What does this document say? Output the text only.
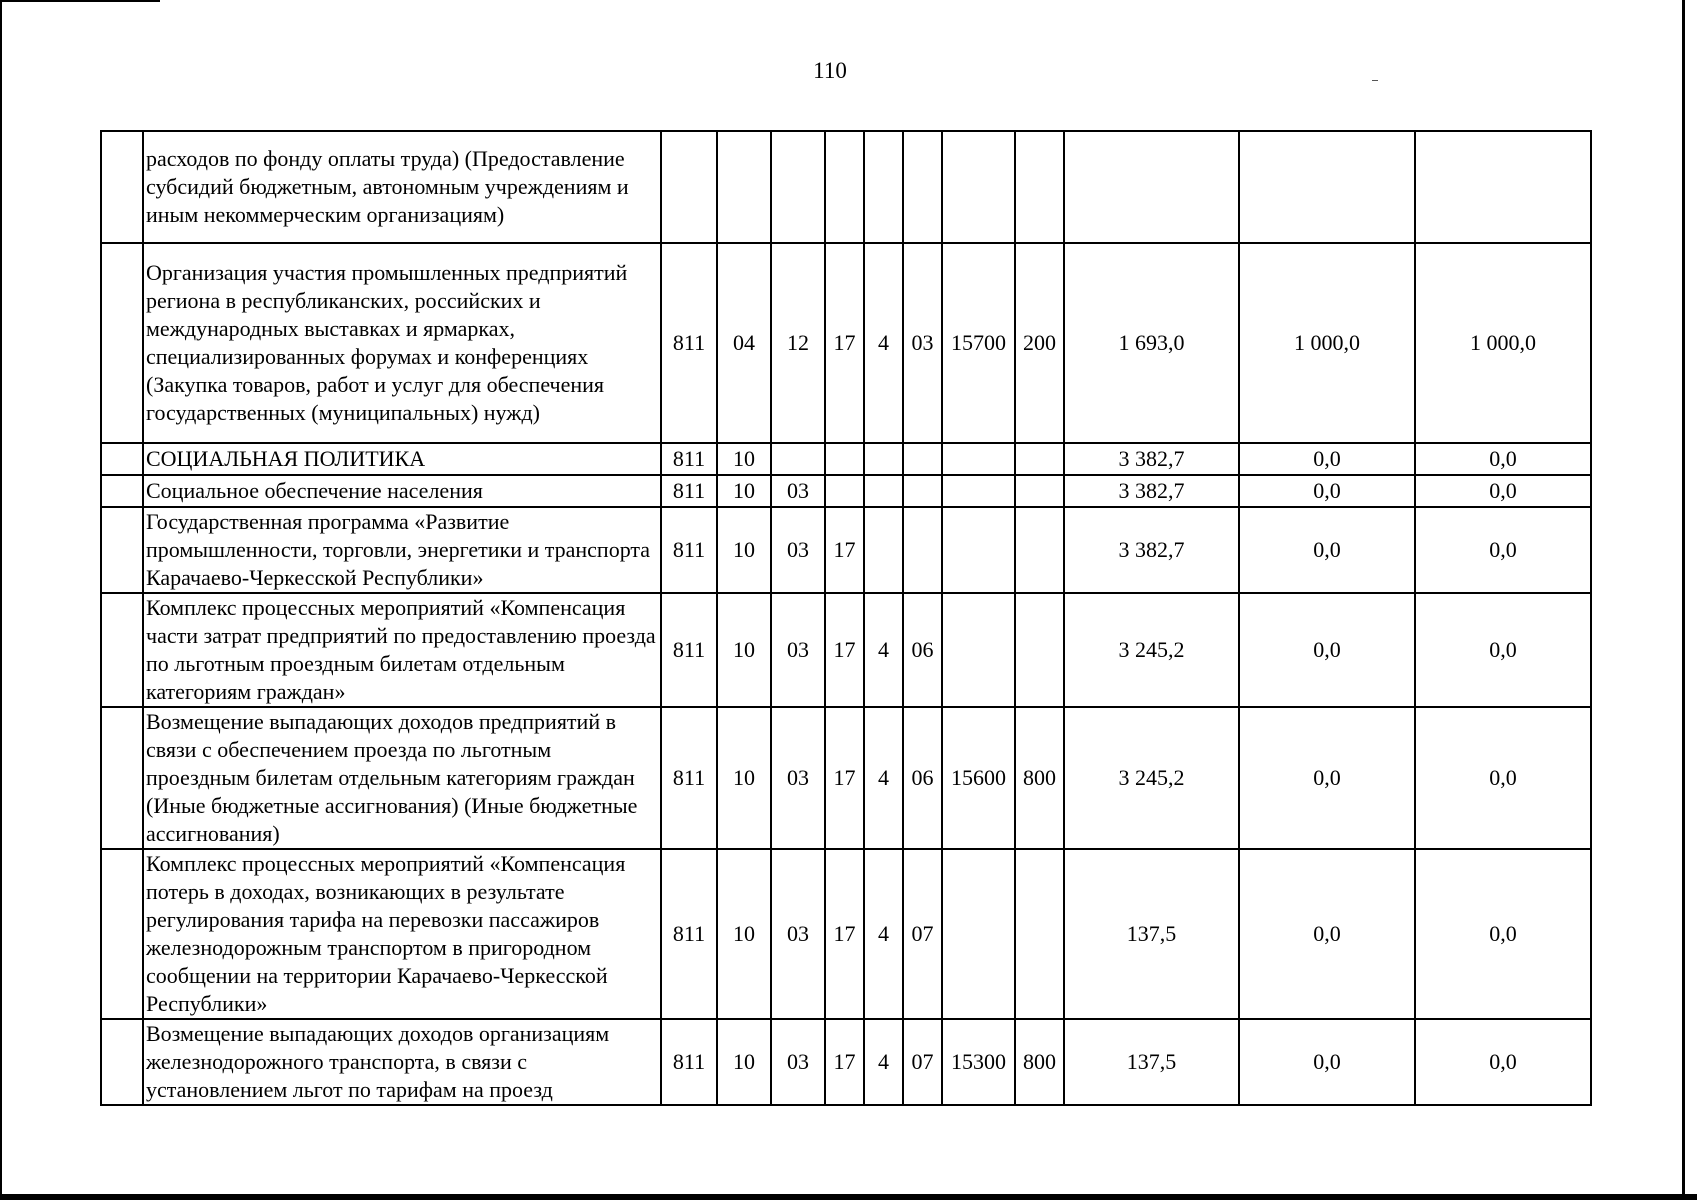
110
	расходов по фонду оплаты труда) (Предоставление субсидий бюджетным, автономным учреждениям и иным некоммерческим организациям)											
	Организация участия промышленных предприятий региона в республиканских, российских и международных выставках и ярмарках, специализированных форумах и конференциях (Закупка товаров, работ и услуг для обеспечения государственных (муниципальных) нужд)	811	04	12	17	4	03	15700	200	1 693,0	1 000,0	1 000,0
	СОЦИАЛЬНАЯ ПОЛИТИКА	811	10							3 382,7	0,0	0,0
	Социальное обеспечение населения	811	10	03						3 382,7	0,0	0,0
	Государственная программа «Развитие промышленности, торговли, энергетики и транспорта Карачаево-Черкесской Республики»	811	10	03	17					3 382,7	0,0	0,0
	Комплекс процессных мероприятий «Компенсация части затрат предприятий по предоставлению проезда по льготным проездным билетам отдельным категориям граждан»	811	10	03	17	4	06			3 245,2	0,0	0,0
	Возмещение выпадающих доходов предприятий в связи с обеспечением проезда по льготным проездным билетам отдельным категориям граждан (Иные бюджетные ассигнования) (Иные бюджетные ассигнования)	811	10	03	17	4	06	15600	800	3 245,2	0,0	0,0
	Комплекс процессных мероприятий «Компенсация потерь в доходах, возникающих в результате регулирования тарифа на перевозки пассажиров железнодорожным транспортом в пригородном сообщении на территории Карачаево-Черкесской Республики»	811	10	03	17	4	07			137,5	0,0	0,0
	Возмещение выпадающих доходов организациям железнодорожного транспорта, в связи с установлением льгот по тарифам на проезд	811	10	03	17	4	07	15300	800	137,5	0,0	0,0
